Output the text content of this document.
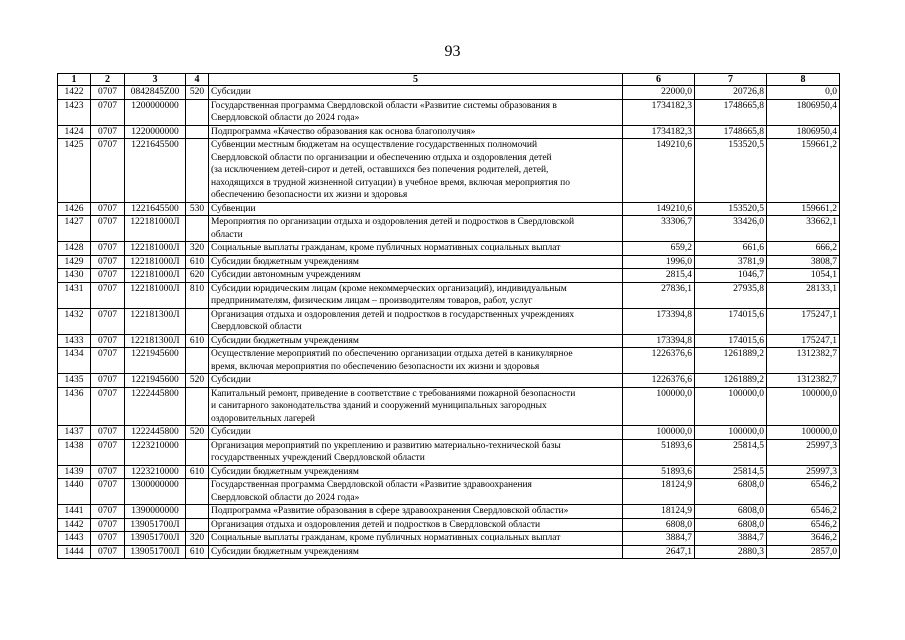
93
1	2	3	4	5	6	7	8
1422	0707	0842845Z00	520	Субсидии	22000,0	20726,8	0,0
1423	0707	1200000000		Государственная программа Свердловской области «Развитие системы образования в
Свердловской области до 2024 года»	1734182,3	1748665,8	1806950,4
1424	0707	1220000000		Подпрограмма «Качество образования как основа благополучия»	1734182,3	1748665,8	1806950,4
1425	0707	1221645500		Субвенции местным бюджетам на осуществление государственных полномочий
Свердловской области по организации и обеспечению отдыха и оздоровления детей
(за исключением детей-сирот и детей, оставшихся без попечения родителей, детей,
находящихся в трудной жизненной ситуации) в учебное время, включая мероприятия по
обеспечению безопасности их жизни и здоровья	149210,6	153520,5	159661,2
1426	0707	1221645500	530	Субвенции	149210,6	153520,5	159661,2
1427	0707	122181000Л		Мероприятия по организации отдыха и оздоровления детей и подростков в Свердловской
области	33306,7	33426,0	33662,1
1428	0707	122181000Л	320	Социальные выплаты гражданам, кроме публичных нормативных социальных выплат	659,2	661,6	666,2
1429	0707	122181000Л	610	Субсидии бюджетным учреждениям	1996,0	3781,9	3808,7
1430	0707	122181000Л	620	Субсидии автономным учреждениям	2815,4	1046,7	1054,1
1431	0707	122181000Л	810	Субсидии юридическим лицам (кроме некоммерческих организаций), индивидуальным
предпринимателям, физическим лицам – производителям товаров, работ, услуг	27836,1	27935,8	28133,1
1432	0707	122181300Л		Организация отдыха и оздоровления детей и подростков в государственных учреждениях
Свердловской области	173394,8	174015,6	175247,1
1433	0707	122181300Л	610	Субсидии бюджетным учреждениям	173394,8	174015,6	175247,1
1434	0707	1221945600		Осуществление мероприятий по обеспечению организации отдыха детей в каникулярное
время, включая мероприятия по обеспечению безопасности их жизни и здоровья	1226376,6	1261889,2	1312382,7
1435	0707	1221945600	520	Субсидии	1226376,6	1261889,2	1312382,7
1436	0707	1222445800		Капитальный ремонт, приведение в соответствие с требованиями пожарной безопасности
и санитарного законодательства зданий и сооружений муниципальных загородных
оздоровительных лагерей	100000,0	100000,0	100000,0
1437	0707	1222445800	520	Субсидии	100000,0	100000,0	100000,0
1438	0707	1223210000		Организация мероприятий по укреплению и развитию материально-технической базы
государственных учреждений Свердловской области	51893,6	25814,5	25997,3
1439	0707	1223210000	610	Субсидии бюджетным учреждениям	51893,6	25814,5	25997,3
1440	0707	1300000000		Государственная программа Свердловской области «Развитие здравоохранения
Свердловской области до 2024 года»	18124,9	6808,0	6546,2
1441	0707	1390000000		Подпрограмма «Развитие образования в сфере здравоохранения Свердловской области»	18124,9	6808,0	6546,2
1442	0707	139051700Л		Организация отдыха и оздоровления детей и подростков в Свердловской области	6808,0	6808,0	6546,2
1443	0707	139051700Л	320	Социальные выплаты гражданам, кроме публичных нормативных социальных выплат	3884,7	3884,7	3646,2
1444	0707	139051700Л	610	Субсидии бюджетным учреждениям	2647,1	2880,3	2857,0
